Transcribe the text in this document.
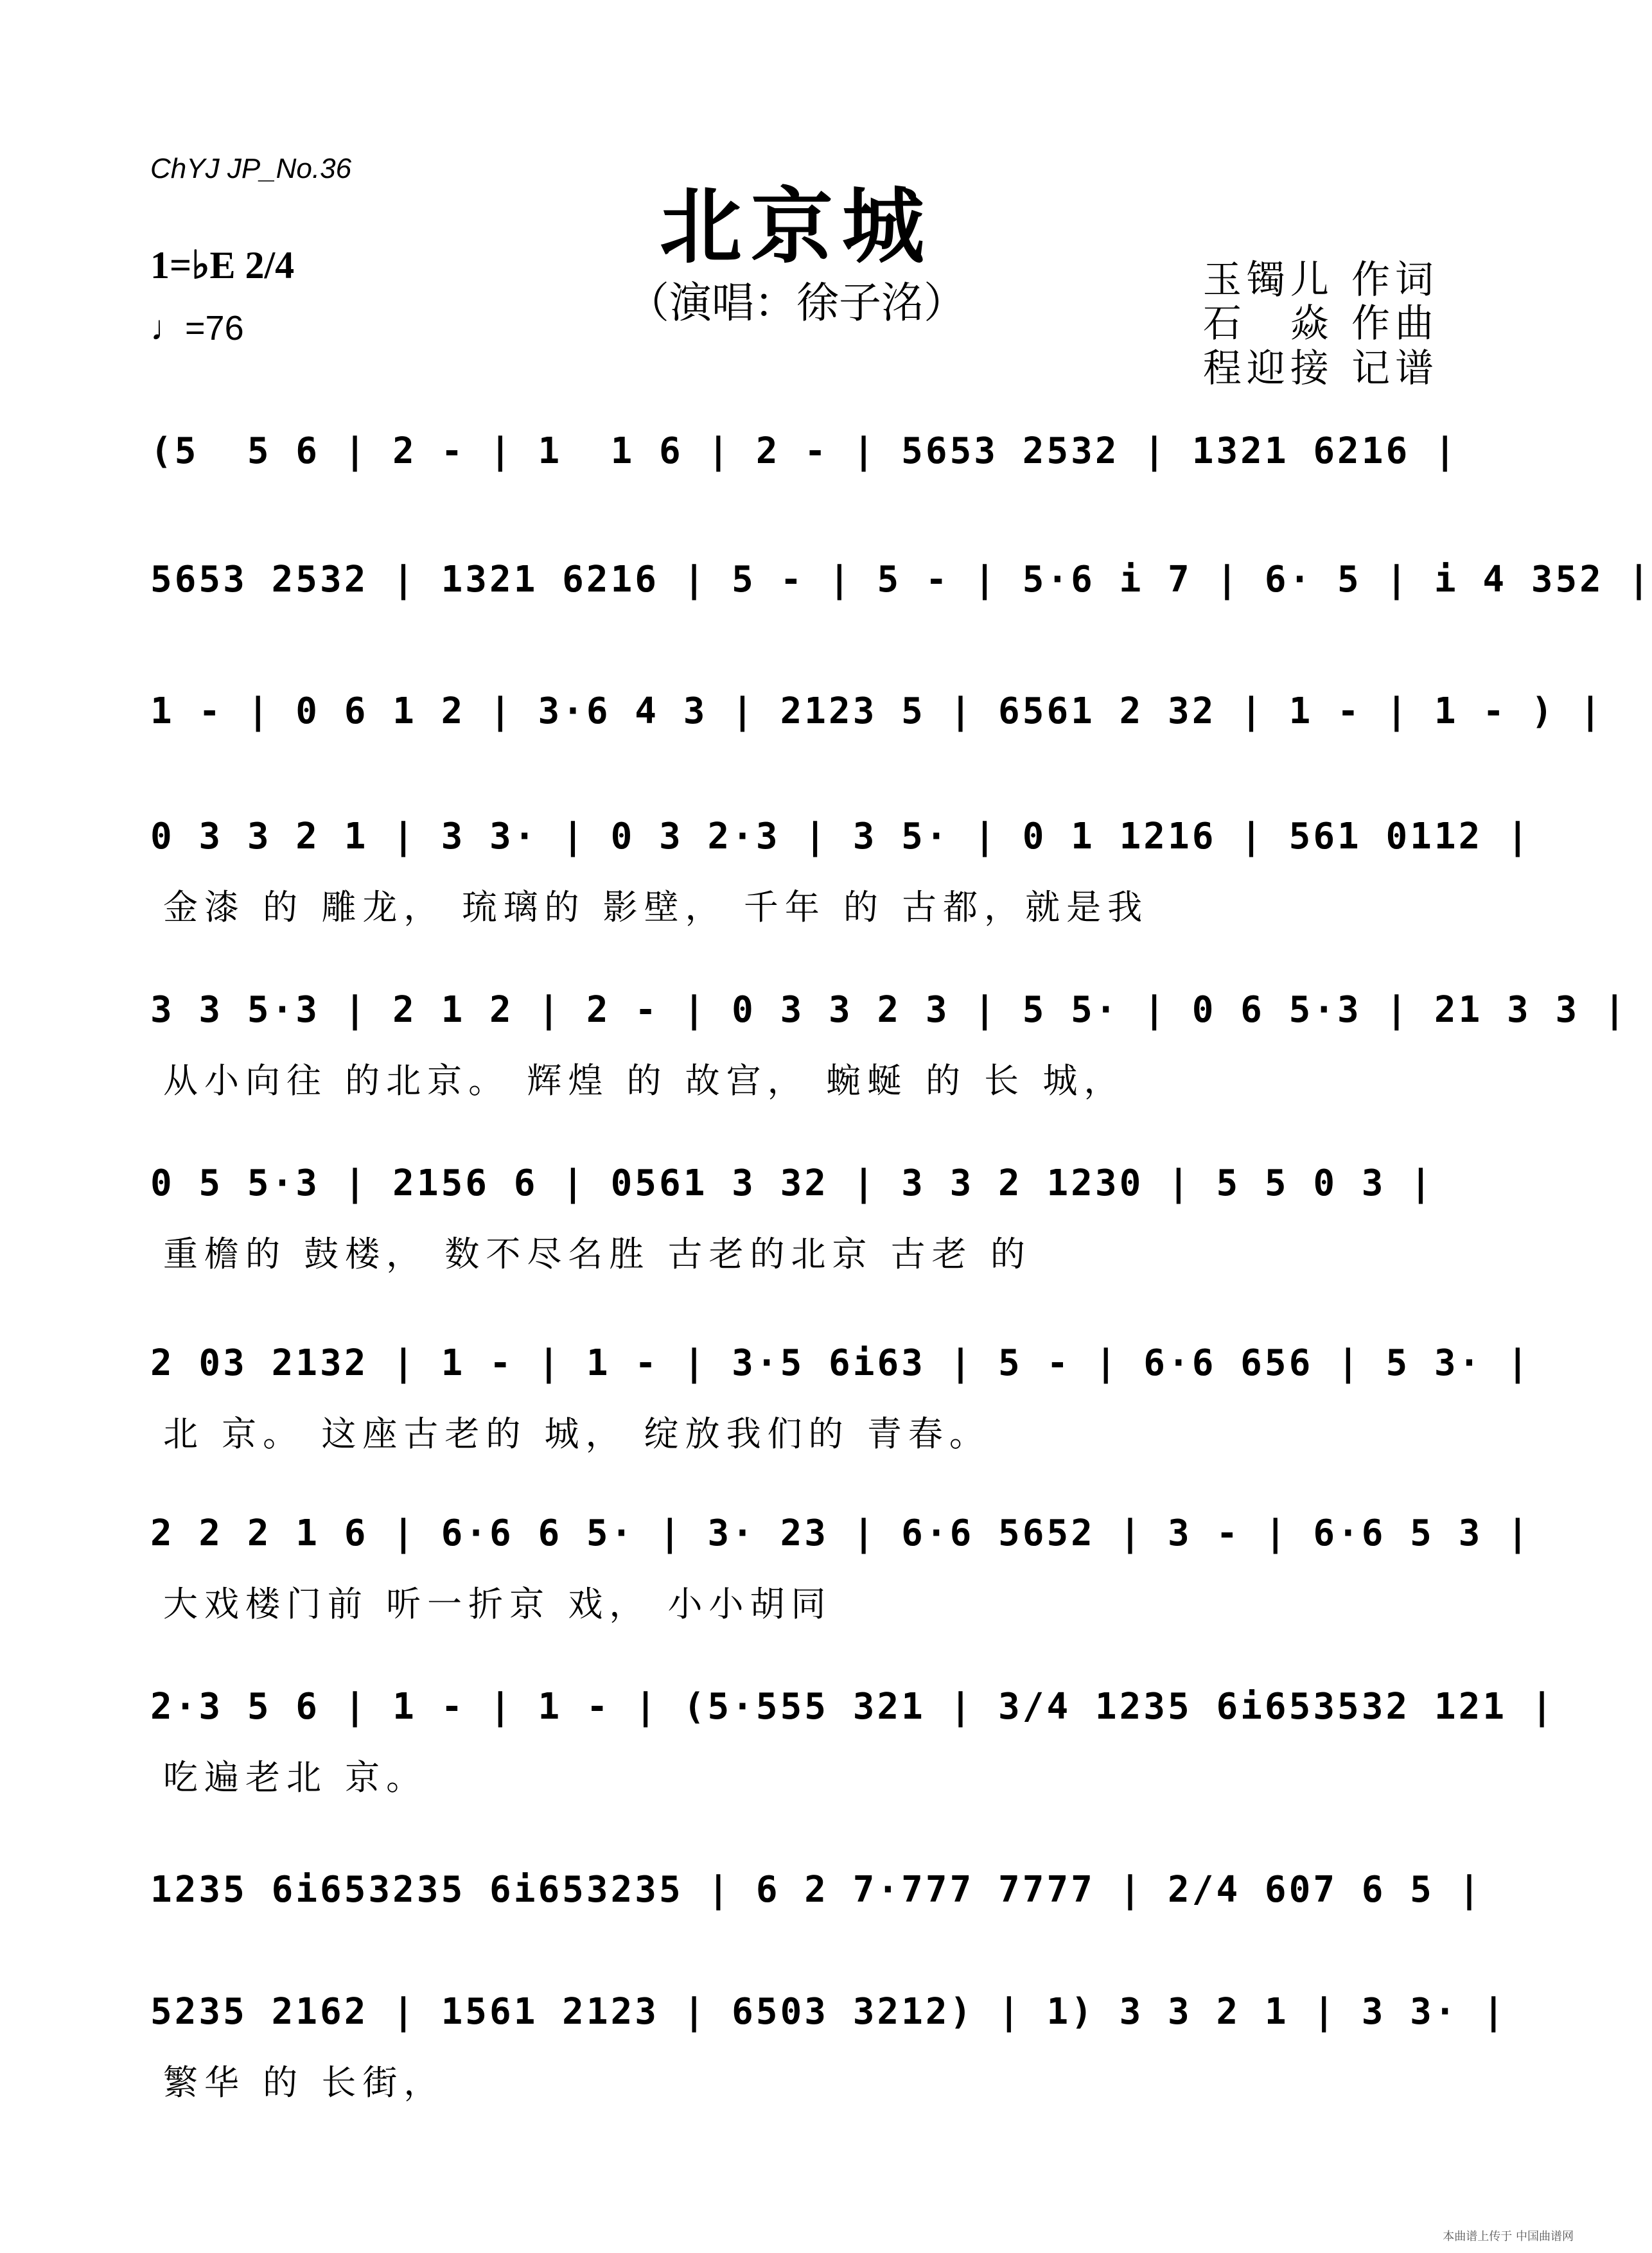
ChYJ JP_No.36
北京城
（演唱：徐子洺）
1=♭E 2/4
♩=76
玉镯儿 作词
石　焱 作曲
程迎接 记谱
(5  5 6 | 2 - | 1  1 6 | 2 - | 5653 2532 | 1321 6216 |
5653 2532 | 1321 6216 | 5 - | 5 - | 5·6 i 7 | 6· 5 | i 4 352 |
1 - | 0 6 1 2 | 3·6 4 3 | 2123 5 | 6561 2 32 | 1 - | 1 - ) |
0 3 3 2 1 | 3 3· | 0 3 2·3 | 3 5· | 0 1 1216 | 561 0112 |
金漆 的 雕龙， 琉璃的 影壁， 千年 的 古都，就是我
3 3 5·3 | 2 1 2 | 2 - | 0 3 3 2 3 | 5 5· | 0 6 5·3 | 21 3 3 |
从小向往 的北京。 辉煌 的 故宫， 蜿蜒 的 长 城，
0 5 5·3 | 2156 6 | 0561 3 32 | 3 3 2 1230 | 5 5 0 3 |
重檐的 鼓楼， 数不尽名胜 古老的北京 古老 的
2 03 2132 | 1 - | 1 - | 3·5 6i63 | 5 - | 6·6 656 | 5 3· |
北 京。 这座古老的 城， 绽放我们的 青春。
2 2 2 1 6 | 6·6 6 5· | 3· 23 | 6·6 5652 | 3 - | 6·6 5 3 |
大戏楼门前 听一折京 戏， 小小胡同
2·3 5 6 | 1 - | 1 - | (5·555 321 | 3/4 1235 6i653532 121 |
吃遍老北 京。
1235 6i653235 6i653235 | 6 2 7·777 7777 | 2/4 607 6 5 |
5235 2162 | 1561 2123 | 6503 3212) | 1) 3 3 2 1 | 3 3· |
繁华 的 长街，
本曲谱上传于 中国曲谱网
